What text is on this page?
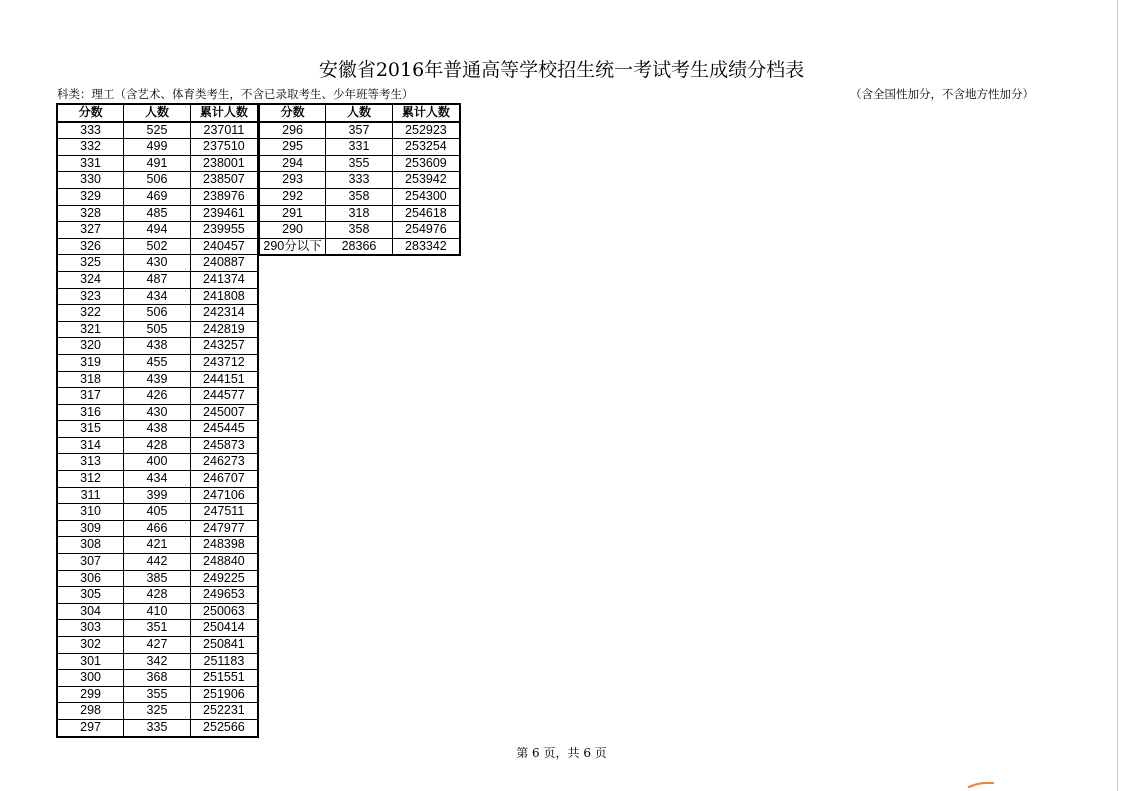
安徽省2016年普通高等学校招生统一考试考生成绩分档表
科类：理工（含艺术、体育类考生，不含已录取考生、少年班等考生）	（含全国性加分，不含地方性加分）
分数	人数	累计人数
333	525	237011
332	499	237510
331	491	238001
330	506	238507
329	469	238976
328	485	239461
327	494	239955
326	502	240457
325	430	240887
324	487	241374
323	434	241808
322	506	242314
321	505	242819
320	438	243257
319	455	243712
318	439	244151
317	426	244577
316	430	245007
315	438	245445
314	428	245873
313	400	246273
312	434	246707
311	399	247106
310	405	247511
309	466	247977
308	421	248398
307	442	248840
306	385	249225
305	428	249653
304	410	250063
303	351	250414
302	427	250841
301	342	251183
300	368	251551
299	355	251906
298	325	252231
297	335	252566
分数	人数	累计人数
296	357	252923
295	331	253254
294	355	253609
293	333	253942
292	358	254300
291	318	254618
290	358	254976
290分以下	28366	283342
第 6 页，共 6 页
